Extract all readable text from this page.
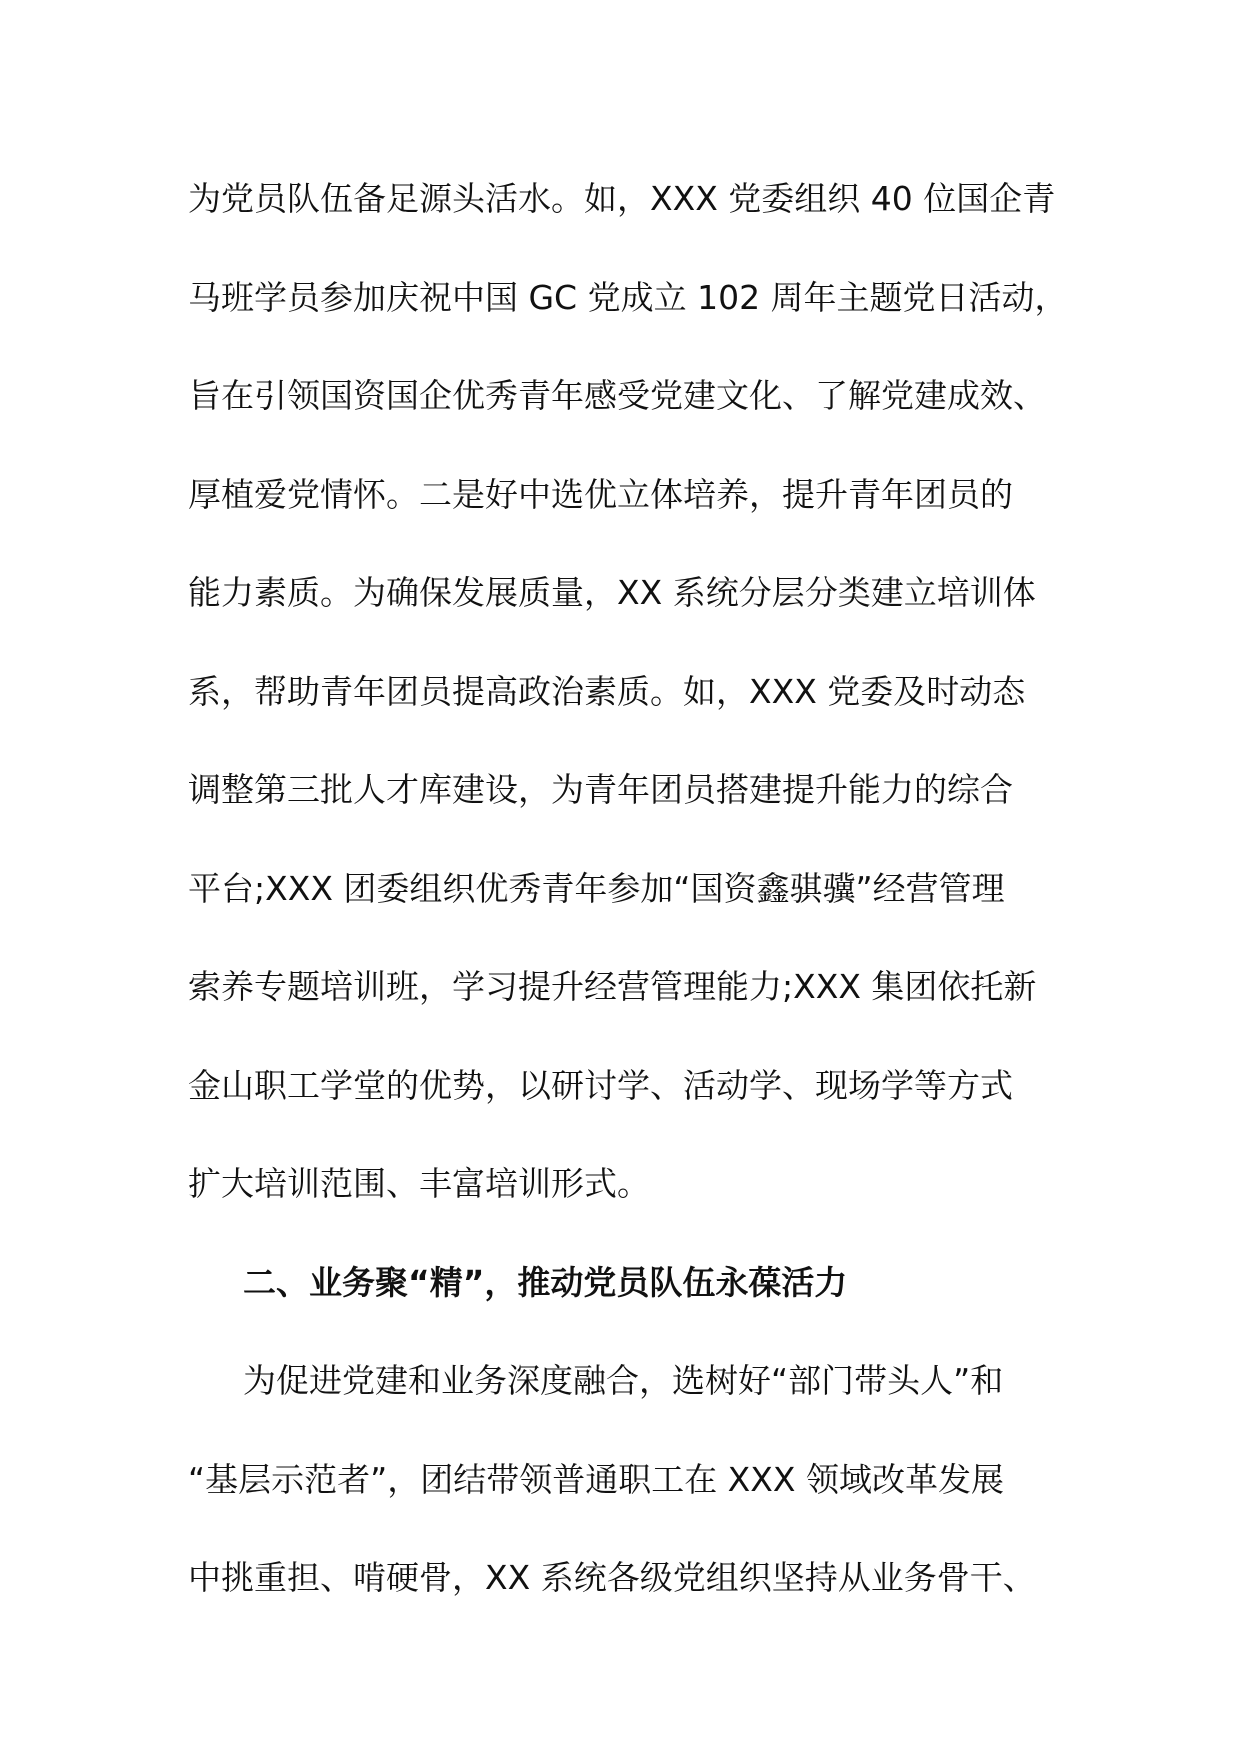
为党员队伍备足源头活水。如，XXX 党委组织 40 位国企青
马班学员参加庆祝中国 GC 党成立 102 周年主题党日活动，
旨在引领国资国企优秀青年感受党建文化、了解党建成效、
厚植爱党情怀。二是好中选优立体培养，提升青年团员的
能力素质。为确保发展质量，XX 系统分层分类建立培训体
系，帮助青年团员提高政治素质。如，XXX 党委及时动态
调整第三批人才库建设，为青年团员搭建提升能力的综合
平台;XXX 团委组织优秀青年参加“国资鑫骐骥”经营管理
索养专题培训班，学习提升经营管理能力;XXX 集团依托新
金山职工学堂的优势，以研讨学、活动学、现场学等方式
扩大培训范围、丰富培训形式。
二、业务聚“精”，推动党员队伍永葆活力
为促进党建和业务深度融合，选树好“部门带头人”和
“基层示范者”，团结带领普通职工在 XXX 领域改革发展
中挑重担、啃硬骨，XX 系统各级党组织坚持从业务骨干、
